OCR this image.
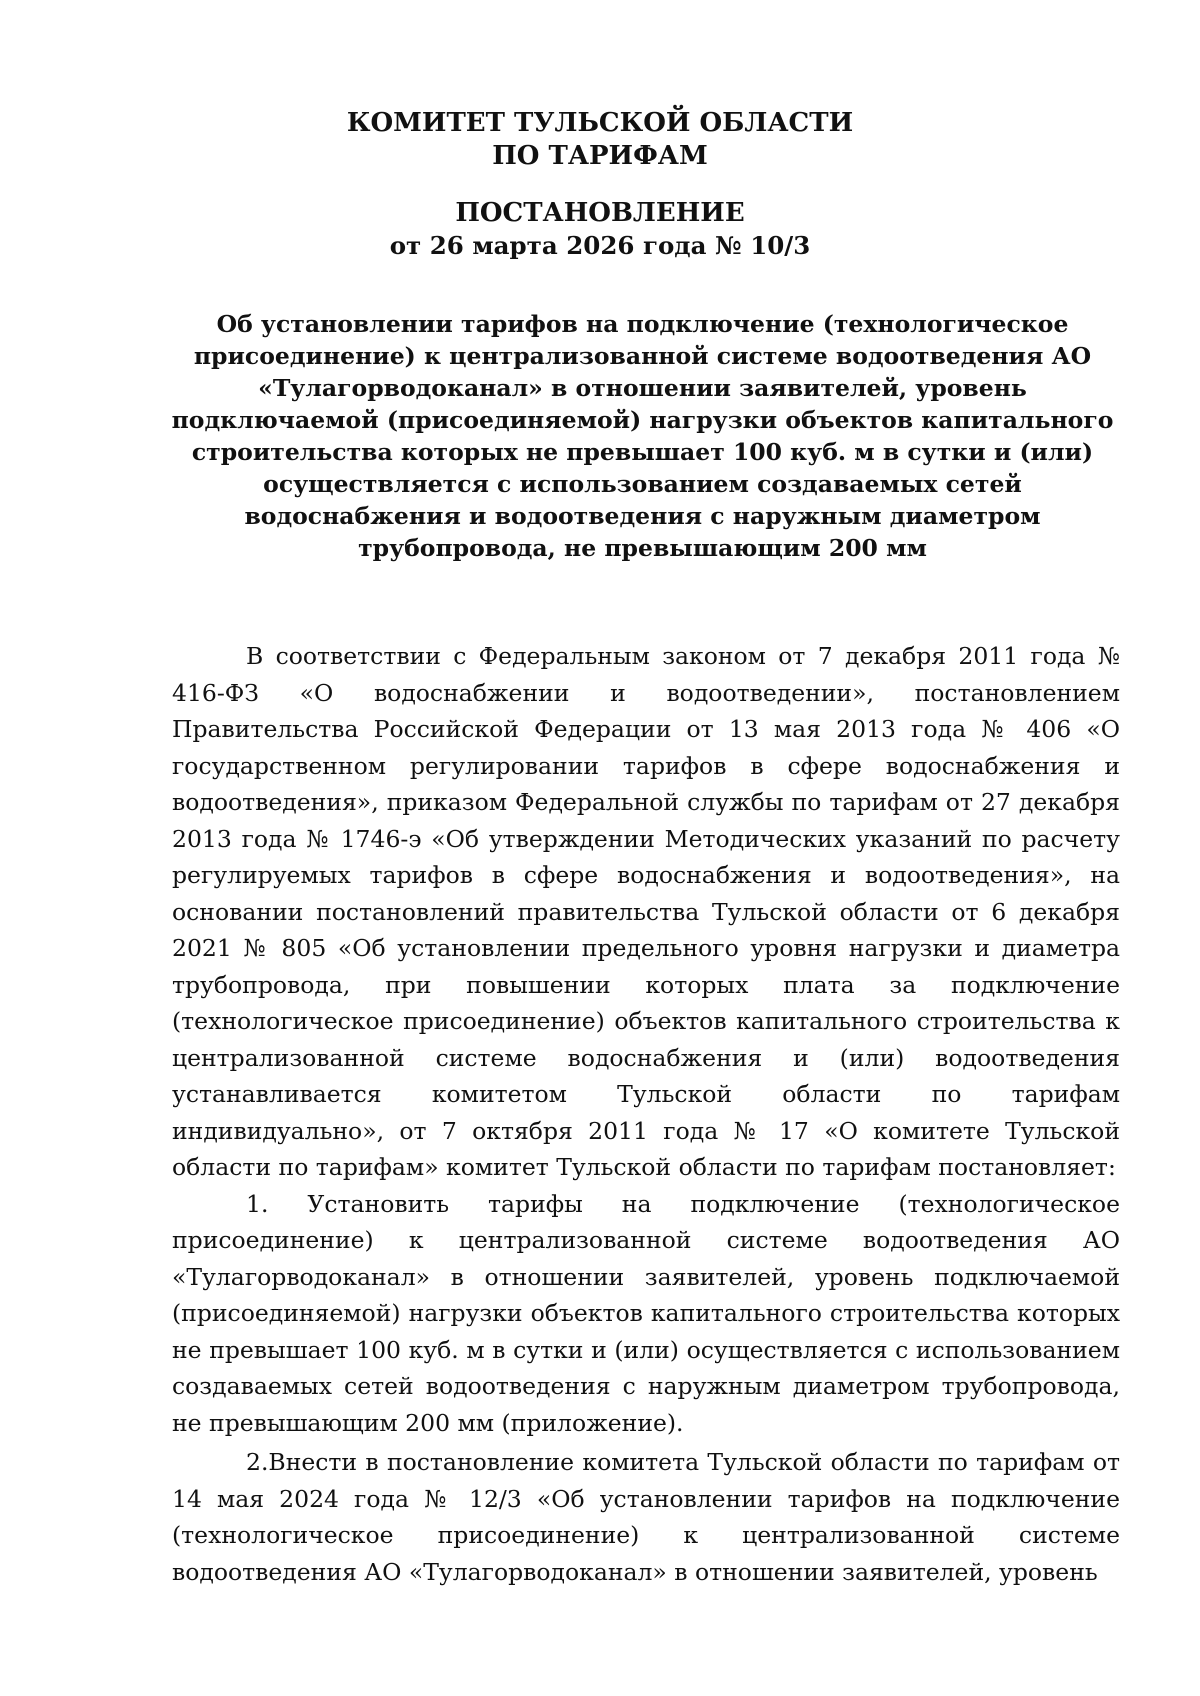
КОМИТЕТ ТУЛЬСКОЙ ОБЛАСТИ
ПО ТАРИФАМ
ПОСТАНОВЛЕНИЕ
от 26 марта 2026 года № 10/3

Об установлении тарифов на подключение (технологическое присоединение) к централизованной системе водоотведения АО «Тулагорводоканал» в отношении заявителей, уровень подключаемой (присоединяемой) нагрузки объектов капитального строительства которых не превышает 100 куб. м в сутки и (или) осуществляется с использованием создаваемых сетей водоснабжения и водоотведения с наружным диаметром трубопровода, не превышающим 200 мм

В соответствии с Федеральным законом от 7 декабря 2011 года № 416-ФЗ «О водоснабжении и водоотведении», постановлением Правительства Российской Федерации от 13 мая 2013 года № 406 «О государственном регулировании тарифов в сфере водоснабжения и водоотведения», приказом Федеральной службы по тарифам от 27 декабря 2013 года № 1746-э «Об утверждении Методических указаний по расчету регулируемых тарифов в сфере водоснабжения и водоотведения», на основании постановлений правительства Тульской области от 6 декабря 2021 № 805 «Об установлении предельного уровня нагрузки и диаметра трубопровода, при повышении которых плата за подключение (технологическое присоединение) объектов капитального строительства к централизованной системе водоснабжения и (или) водоотведения устанавливается комитетом Тульской области по тарифам индивидуально», от 7 октября 2011 года № 17 «О комитете Тульской области по тарифам» комитет Тульской области по тарифам постановляет:

1. Установить тарифы на подключение (технологическое присоединение) к централизованной системе водоотведения АО «Тулагорводоканал» в отношении заявителей, уровень подключаемой (присоединяемой) нагрузки объектов капитального строительства которых не превышает 100 куб. м в сутки и (или) осуществляется с использованием создаваемых сетей водоотведения с наружным диаметром трубопровода, не превышающим 200 мм (приложение).

2.Внести в постановление комитета Тульской области по тарифам от 14 мая 2024 года № 12/3 «Об установлении тарифов на подключение (технологическое присоединение) к централизованной системе водоотведения АО «Тулагорводоканал» в отношении заявителей, уровень
